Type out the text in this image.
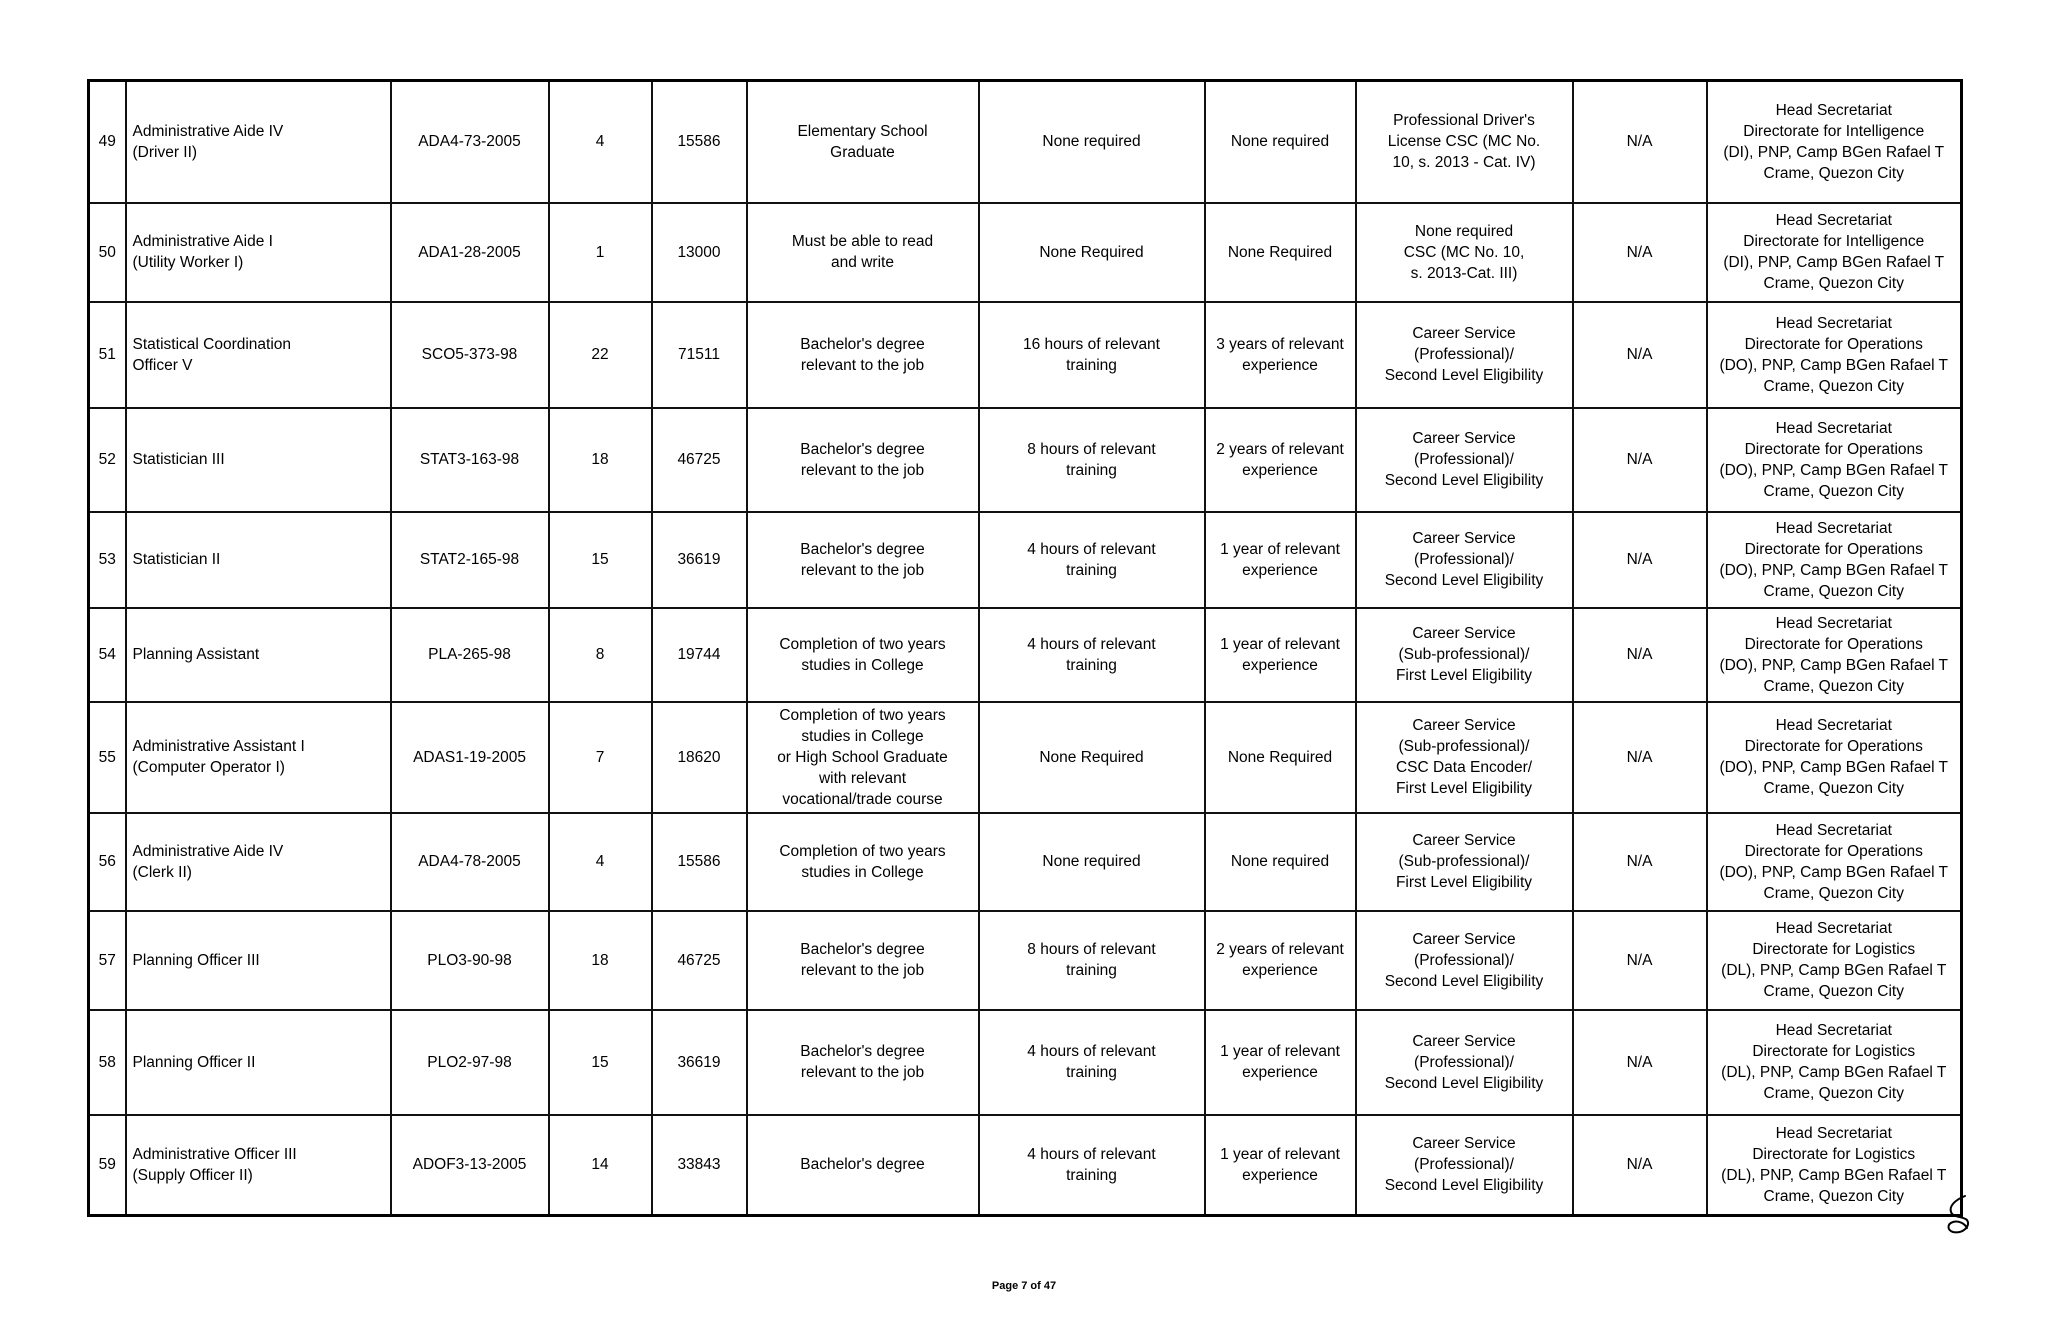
49	Administrative Aide IV
(Driver II)	ADA4-73-2005	4	15586	Elementary School
Graduate	None required	None required	Professional Driver's
License CSC (MC No.
10, s. 2013 - Cat. IV)	N/A	Head Secretariat
Directorate for Intelligence
(DI), PNP, Camp BGen Rafael T
Crame, Quezon City

50	Administrative Aide I
(Utility Worker I)	ADA1-28-2005	1	13000	Must be able to read
and write	None Required	None Required	None required
CSC (MC No. 10,
s. 2013-Cat. III)	N/A	Head Secretariat
Directorate for Intelligence
(DI), PNP, Camp BGen Rafael T
Crame, Quezon City

51	Statistical Coordination
Officer V	SCO5-373-98	22	71511	Bachelor's degree
relevant to the job	16 hours of relevant
training	3 years of relevant
experience	Career Service
(Professional)/
Second Level Eligibility	N/A	Head Secretariat
Directorate for Operations
(DO), PNP, Camp BGen Rafael T
Crame, Quezon City

52	Statistician III	STAT3-163-98	18	46725	Bachelor's degree
relevant to the job	8 hours of relevant
training	2 years of relevant
experience	Career Service
(Professional)/
Second Level Eligibility	N/A	Head Secretariat
Directorate for Operations
(DO), PNP, Camp BGen Rafael T
Crame, Quezon City

53	Statistician II	STAT2-165-98	15	36619	Bachelor's degree
relevant to the job	4 hours of relevant
training	1 year of relevant
experience	Career Service
(Professional)/
Second Level Eligibility	N/A	Head Secretariat
Directorate for Operations
(DO), PNP, Camp BGen Rafael T
Crame, Quezon City

54	Planning Assistant	PLA-265-98	8	19744	Completion of two years
studies in College	4 hours of relevant
training	1 year of relevant
experience	Career Service
(Sub-professional)/
First Level Eligibility	N/A	Head Secretariat
Directorate for Operations
(DO), PNP, Camp BGen Rafael T
Crame, Quezon City

55	Administrative Assistant I
(Computer Operator I)	ADAS1-19-2005	7	18620	Completion of two years
studies in College
or High School Graduate
with relevant
vocational/trade course	None Required	None Required	Career Service
(Sub-professional)/
CSC Data Encoder/
First Level Eligibility	N/A	Head Secretariat
Directorate for Operations
(DO), PNP, Camp BGen Rafael T
Crame, Quezon City

56	Administrative Aide IV
(Clerk II)	ADA4-78-2005	4	15586	Completion of two years
studies in College	None required	None required	Career Service
(Sub-professional)/
First Level Eligibility	N/A	Head Secretariat
Directorate for Operations
(DO), PNP, Camp BGen Rafael T
Crame, Quezon City

57	Planning Officer III	PLO3-90-98	18	46725	Bachelor's degree
relevant to the job	8 hours of relevant
training	2 years of relevant
experience	Career Service
(Professional)/
Second Level Eligibility	N/A	Head Secretariat
Directorate for Logistics
(DL), PNP, Camp BGen Rafael T
Crame, Quezon City

58	Planning Officer II	PLO2-97-98	15	36619	Bachelor's degree
relevant to the job	4 hours of relevant
training	1 year of relevant
experience	Career Service
(Professional)/
Second Level Eligibility	N/A	Head Secretariat
Directorate for Logistics
(DL), PNP, Camp BGen Rafael T
Crame, Quezon City

59	Administrative Officer III
(Supply Officer II)	ADOF3-13-2005	14	33843	Bachelor's degree	4 hours of relevant
training	1 year of relevant
experience	Career Service
(Professional)/
Second Level Eligibility	N/A	Head Secretariat
Directorate for Logistics
(DL), PNP, Camp BGen Rafael T
Crame, Quezon City
Page 7 of 47
